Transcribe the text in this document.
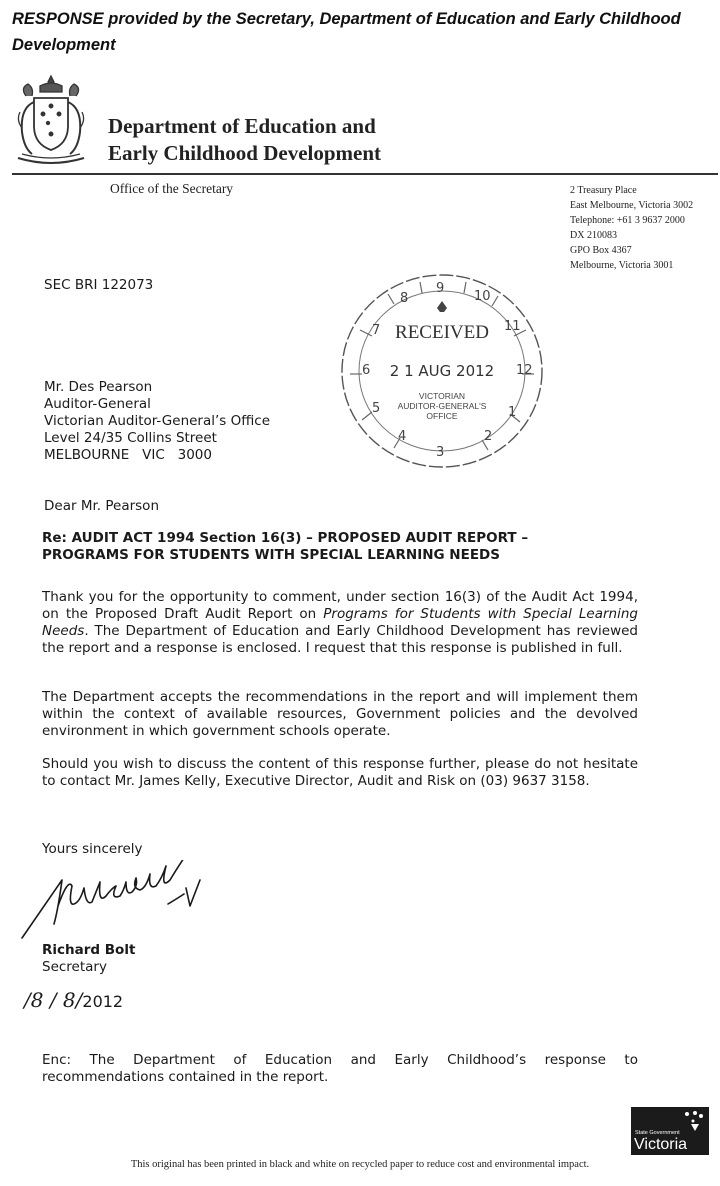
RESPONSE provided by the Secretary, Department of Education and Early Childhood Development
Department of Education and
Early Childhood Development
Office of the Secretary	2 Treasury Place
East Melbourne, Victoria 3002
Telephone: +61 3 9637 2000
DX 210083
GPO Box 4367
Melbourne, Victoria 3001
SEC BRI 122073
8
9
10
11
12
1
2
3
4
5
6
7 RECEIVED
2 1 AUG 2012
VICTORIAN
AUDITOR-GENERAL'S
OFFICE
Mr. Des Pearson
Auditor-General
Victorian Auditor-General’s Office
Level 24/35 Collins Street
MELBOURNE   VIC   3000
Dear Mr. Pearson
Re: AUDIT ACT 1994 Section 16(3) – PROPOSED AUDIT REPORT –
PROGRAMS FOR STUDENTS WITH SPECIAL LEARNING NEEDS
Thank you for the opportunity to comment, under section 16(3) of the Audit Act 1994, on the Proposed Draft Audit Report on Programs for Students with Special Learning Needs. The Department of Education and Early Childhood Development has reviewed the report and a response is enclosed. I request that this response is published in full.
The Department accepts the recommendations in the report and will implement them within the context of available resources, Government policies and the devolved environment in which government schools operate.
Should you wish to discuss the content of this response further, please do not hesitate to contact Mr. James Kelly, Executive Director, Audit and Risk on (03) 9637 3158.
Yours sincerely
Richard Bolt
Secretary
/8 / 8/2012
Enc:  The  Department  of  Education  and  Early  Childhood’s  response  to recommendations contained in the report.
State Government
Victoria
This original has been printed in black and white on recycled paper to reduce cost and environmental impact.
